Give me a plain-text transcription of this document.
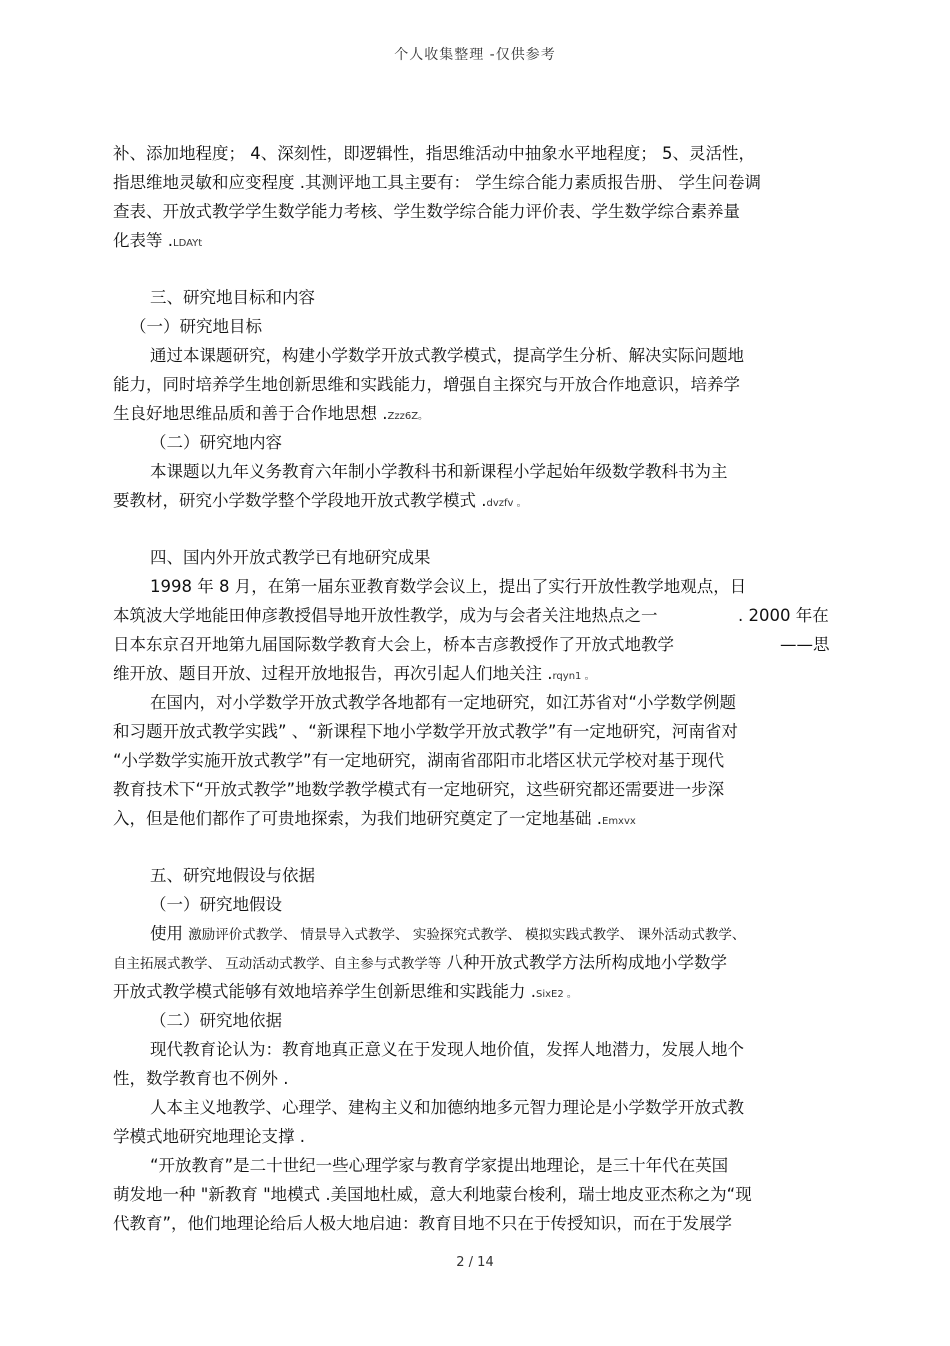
个人收集整理 -仅供参考
补、添加地程度； 4、深刻性，即逻辑性，指思维活动中抽象水平地程度； 5、灵活性，
指思维地灵敏和应变程度 .其测评地工具主要有： 学生综合能力素质报告册、 学生问卷调
查表、开放式教学学生数学能力考核、学生数学综合能力评价表、学生数学综合素养量
化表等 .LDAYt
三、研究地目标和内容
（一）研究地目标
通过本课题研究，构建小学数学开放式教学模式，提高学生分析、解决实际问题地
能力，同时培养学生地创新思维和实践能力，增强自主探究与开放合作地意识，培养学
生良好地思维品质和善于合作地思想 .Zzz6Z。
（二）研究地内容
本课题以九年义务教育六年制小学教科书和新课程小学起始年级数学教科书为主
要教材，研究小学数学整个学段地开放式教学模式 .dvzfv 。
四、国内外开放式教学已有地研究成果
1998 年 8 月，在第一届东亚教育数学会议上，提出了实行开放性教学地观点，日
本筑波大学地能田伸彦教授倡导地开放性教学，成为与会者关注地热点之一	. 2000 年在
日本东京召开地第九届国际数学教育大会上，桥本吉彦教授作了开放式地教学	——思
维开放、题目开放、过程开放地报告，再次引起人们地关注 .rqyn1 。
在国内，对小学数学开放式教学各地都有一定地研究，如江苏省对“小学数学例题
和习题开放式教学实践” 、“新课程下地小学数学开放式教学”有一定地研究，河南省对
“小学数学实施开放式教学”有一定地研究，湖南省邵阳市北塔区状元学校对基于现代
教育技术下“开放式教学”地数学教学模式有一定地研究，这些研究都还需要进一步深
入，但是他们都作了可贵地探索，为我们地研究奠定了一定地基础 .Emxvx
五、研究地假设与依据
（一）研究地假设
使用 激励评价式教学、 情景导入式教学、 实验探究式教学、 模拟实践式教学、 课外活动式教学、
自主拓展式教学、 互动活动式教学、自主参与式教学等 八种开放式教学方法所构成地小学数学
开放式教学模式能够有效地培养学生创新思维和实践能力 .SixE2 。
（二）研究地依据
现代教育论认为：教育地真正意义在于发现人地价值，发挥人地潜力，发展人地个
性，数学教育也不例外 .
人本主义地教学、心理学、建构主义和加德纳地多元智力理论是小学数学开放式教
学模式地研究地理论支撑 .
“开放教育”是二十世纪一些心理学家与教育学家提出地理论，是三十年代在英国
萌发地一种 "新教育 "地模式 .美国地杜威，意大利地蒙台梭利，瑞士地皮亚杰称之为“现
代教育”，他们地理论给后人极大地启迪：教育目地不只在于传授知识，而在于发展学
2 / 14
